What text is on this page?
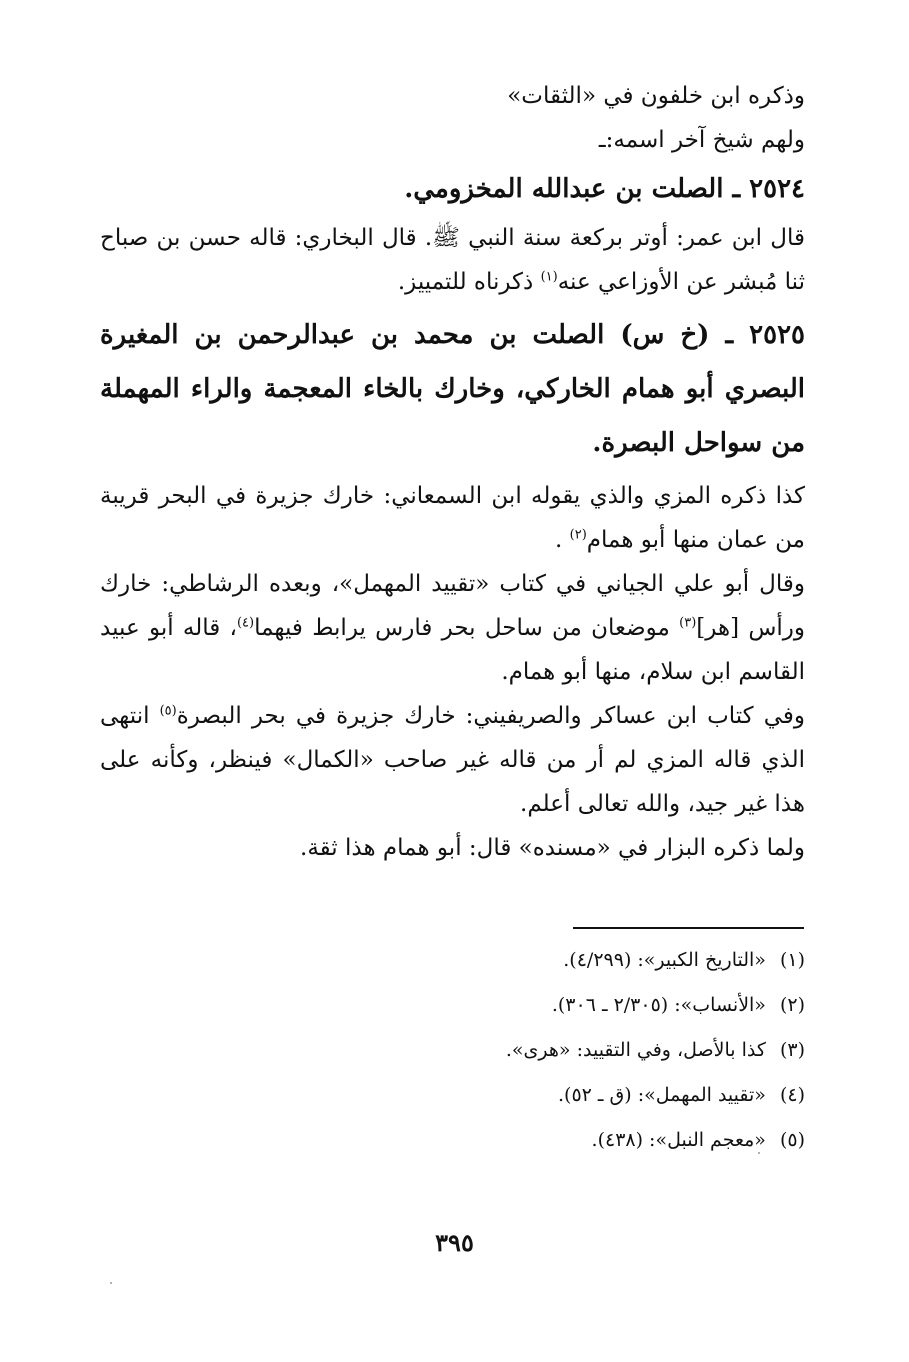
وذكره ابن خلفون في «الثقات»

ولهم شيخ آخر اسمه:ـ

٢٥٢٤ ـ الصلت بن عبدالله المخزومي.

قال ابن عمر: أوتر بركعة سنة النبي ﷺ. قال البخاري: قاله حسن بن صباح ثنا مُبشر عن الأوزاعي عنه$^{(١)}$ ذكرناه للتمييز.

٢٥٢٥ ـ (خ س) الصلت بن محمد بن عبدالرحمن بن المغيرة البصري أبو همام الخاركي، وخارك بالخاء المعجمة والراء المهملة من سواحل البصرة.

كذا ذكره المزي والذي يقوله ابن السمعاني: خارك جزيرة في البحر قريبة من عمان منها أبو همام$^{(٢)}$ .

وقال أبو علي الجياني في كتاب «تقييد المهمل»، وبعده الرشاطي: خارك ورأس [هر]$^{(٣)}$ موضعان من ساحل بحر فارس يرابط فيهما$^{(٤)}$، قاله أبو عبيد القاسم ابن سلام، منها أبو همام.

وفي كتاب ابن عساكر والصريفيني: خارك جزيرة في بحر البصرة$^{(٥)}$ انتهى الذي قاله المزي لم أر من قاله غير صاحب «الكمال» فينظر، وكأنه على هذا غير جيد، والله تعالى أعلم.

ولما ذكره البزار في «مسنده» قال: أبو همام هذا ثقة.

(١)«التاريخ الكبير»: (٤/٢٩٩).
(٢)«الأنساب»: (٢/٣٠٥ ـ ٣٠٦).
(٣)كذا بالأصل، وفي التقييد: «هرى».
(٤)«تقييد المهمل»: (ق ـ ٥٢).
(٥)«معجم النبل»: (٤٣٨).
٣٩٥
